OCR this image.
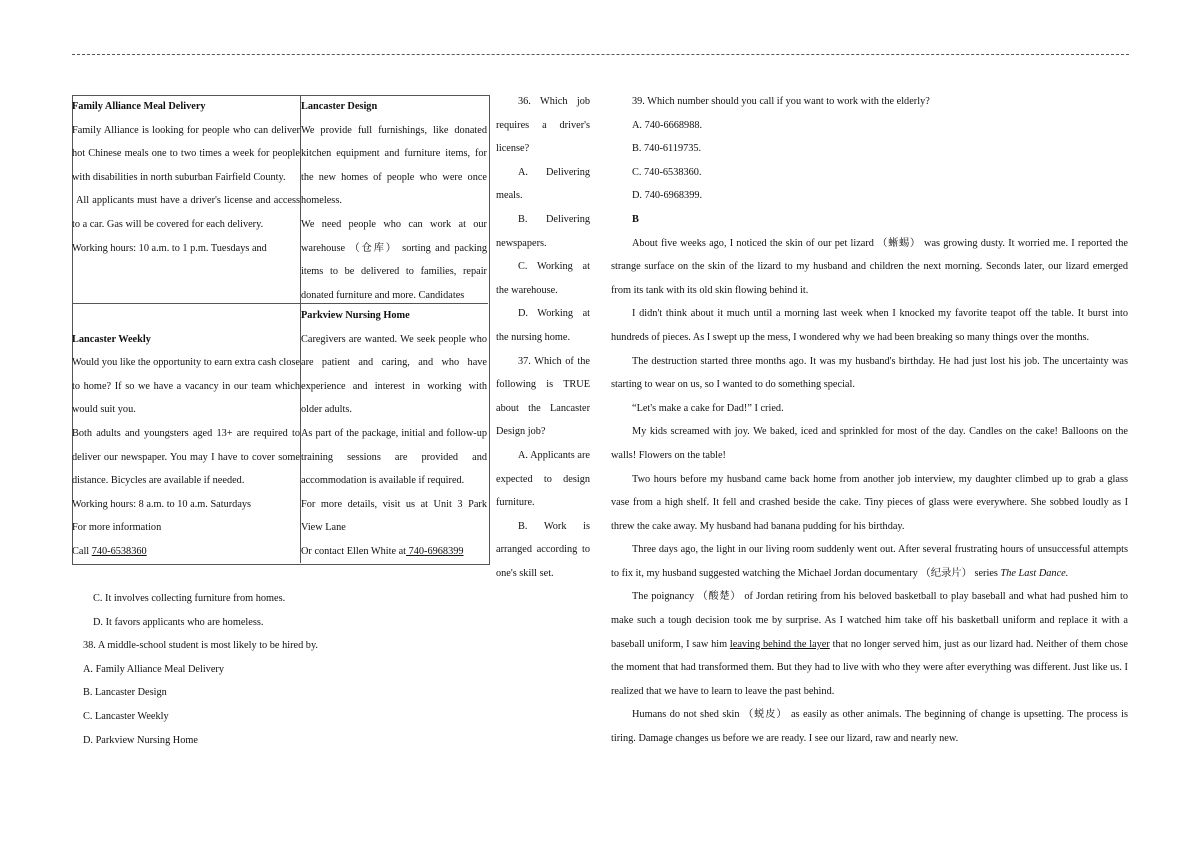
Family Alliance Meal Delivery

Family Alliance is looking for people who can deliver hot Chinese meals one to two times a week for people with disabilities in north suburban Fairfield County.

All applicants must have a driver's license and access to a car. Gas will be covered for each delivery.

Working hours: 10 a.m. to 1 p.m. Tuesdays and

Lancaster Design

We provide full furnishings, like donated kitchen equipment and furniture items, for the new homes of people who were once homeless.

We need people who can work at our warehouse （仓库） sorting and packing items to be delivered to families, repair donated furniture and more. Candidates

Lancaster Weekly

Would you like the opportunity to earn extra cash close to home? If so we have a vacancy in our team which would suit you.

Both adults and youngsters aged 13+ are required to deliver our newspaper. You may I have to cover some distance. Bicycles are available if needed.

Working hours: 8 a.m. to 10 a.m. Saturdays

For more information

Call 740-6538360

Parkview Nursing Home

Caregivers are wanted. We seek people who are patient and caring, and who have experience and interest in working with older adults.

As part of the package, initial and follow-up training sessions are provided and accommodation is available if required.

For more details, visit us at Unit 3 Park View Lane

Or contact Ellen White at 740-6968399

36. Which job requires a driver's license?

A. Delivering meals.

B. Delivering newspapers.

C. Working at the warehouse.

D. Working at the nursing home.

37. Which of the following is TRUE about the Lancaster Design job?

A. Applicants are expected to design furniture.

B. Work is arranged according to one's skill set.

C. It involves collecting furniture from homes.

D. It favors applicants who are homeless.

38. A middle-school student is most likely to be hired by.

A. Family Alliance Meal Delivery

B. Lancaster Design

C. Lancaster Weekly

D. Parkview Nursing Home

39. Which number should you call if you want to work with the elderly?

A. 740-6668988.

B. 740-6119735.

C. 740-6538360.

D. 740-6968399.

B

About five weeks ago, I noticed the skin of our pet lizard （蜥蜴） was growing dusty. It worried me. I reported the strange surface on the skin of the lizard to my husband and children the next morning. Seconds later, our lizard emerged from its tank with its old skin flowing behind it.

I didn't think about it much until a morning last week when I knocked my favorite teapot off the table. It burst into hundreds of pieces. As I swept up the mess, I wondered why we had been breaking so many things over the months.

The destruction started three months ago. It was my husband's birthday. He had just lost his job. The uncertainty was starting to wear on us, so I wanted to do something special.

“Let's make a cake for Dad!” I cried.

My kids screamed with joy. We baked, iced and sprinkled for most of the day. Candles on the cake! Balloons on the walls! Flowers on the table!

Two hours before my husband came back home from another job interview, my daughter climbed up to grab a glass vase from a high shelf. It fell and crashed beside the cake. Tiny pieces of glass were everywhere. She sobbed loudly as I threw the cake away. My husband had banana pudding for his birthday.

Three days ago, the light in our living room suddenly went out. After several frustrating hours of unsuccessful attempts to fix it, my husband suggested watching the Michael Jordan documentary （纪录片） series The Last Dance.

The poignancy （酸楚） of Jordan retiring from his beloved basketball to play baseball and what had pushed him to make such a tough decision took me by surprise. As I watched him take off his basketball uniform and replace it with a baseball uniform, I saw him leaving behind the layer that no longer served him, just as our lizard had. Neither of them chose the moment that had transformed them. But they had to live with who they were after everything was different. Just like us. I realized that we have to learn to leave the past behind.

Humans do not shed skin （蜕皮） as easily as other animals. The beginning of change is upsetting. The process is tiring. Damage changes us before we are ready. I see our lizard, raw and nearly new.
